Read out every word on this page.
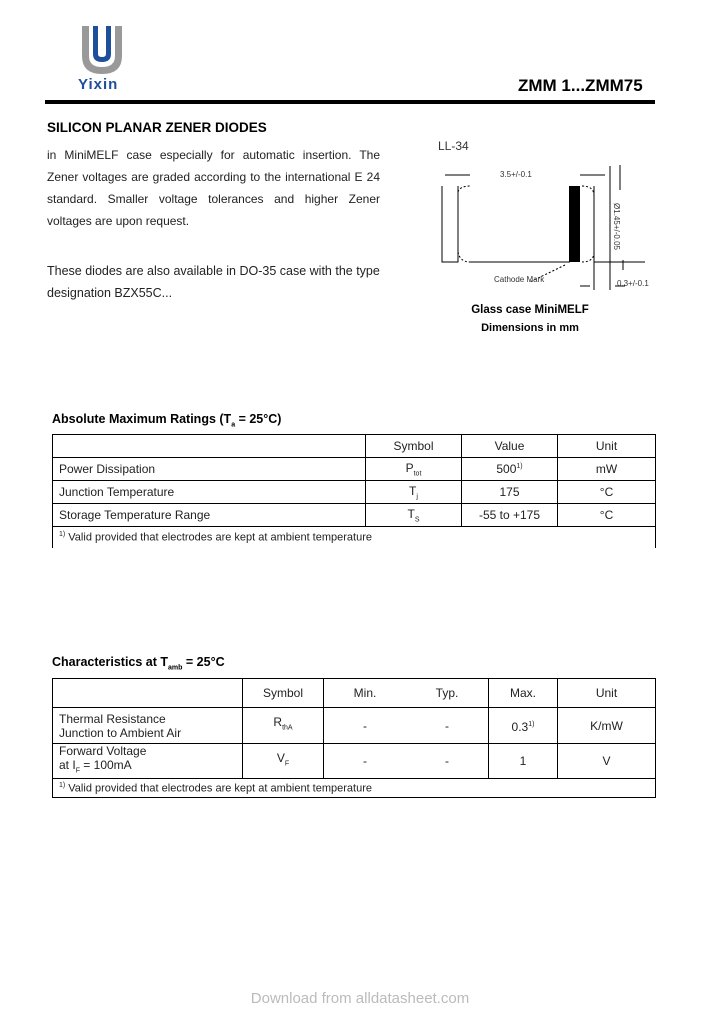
Yixin	ZMM 1...ZMM75
SILICON PLANAR ZENER DIODES
in MiniMELF case especially for automatic insertion. The Zener voltages are graded according to the international E 24 standard. Smaller voltage tolerances and higher Zener voltages are upon request.
These diodes are also available in DO-35 case with the type designation BZX55C...
LL-34
3.5+/-0.1
Ø1.45+/-0.05
0.3+/-0.1
Cathode Mark
Glass case MiniMELF
Dimensions in mm
Absolute Maximum Ratings $(T_a = 25^\circ C)$
	Symbol	Value	Unit
Power Dissipation	$P_{tot}$	500$^{1)}$	mW
Junction Temperature	$T_j$	175	°C
Storage Temperature Range	$T_S$	-55 to +175	°C
$^{1)}$ Valid provided that electrodes are kept at ambient temperature			
Characteristics at $T_{amb} = 25^\circ C$
	Symbol	Min.	Typ.	Max.	Unit

Thermal Resistance
Junction to Ambient Air	$R_{thA}$	-	-	0.3$^{1)}$	K/mW

Forward Voltage
at $I_F = 100mA$	$V_F$	-	-	1	V
$^{1)}$ Valid provided that electrodes are kept at ambient temperature					
Download from alldatasheet.com
